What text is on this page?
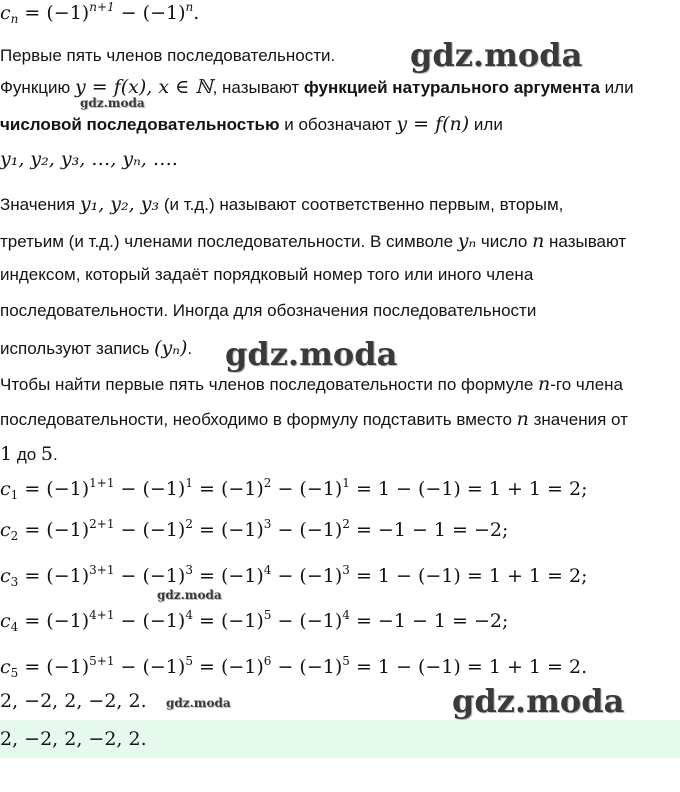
$c_n = (-1)^{n+1} - (-1)^n$.
Первые пять членов последовательности.
Функцию y = f(x), x ∈ ℕ, называют функцией натурального аргумента или
числовой последовательностью и обозначают y = f(n) или
y₁, y₂, y₃, …, yₙ, ….
Значения y₁, y₂, y₃ (и т.д.) называют соответственно первым, вторым,
третьим (и т.д.) членами последовательности. В символе yₙ число n называют
индексом, который задаёт порядковый номер того или иного члена
последовательности. Иногда для обозначения последовательности
используют запись (yₙ).
Чтобы найти первые пять членов последовательности по формуле n-го члена
последовательности, необходимо в формулу подставить вместо n значения от
1 до 5.
$c_1 = (-1)^{1+1} - (-1)^1 = (-1)^2 - (-1)^1 = 1 - (-1) = 1 + 1 = 2$;
$c_2 = (-1)^{2+1} - (-1)^2 = (-1)^3 - (-1)^2 = -1 - 1 = -2$;
$c_3 = (-1)^{3+1} - (-1)^3 = (-1)^4 - (-1)^3 = 1 - (-1) = 1 + 1 = 2$;
$c_4 = (-1)^{4+1} - (-1)^4 = (-1)^5 - (-1)^4 = -1 - 1 = -2$;
$c_5 = (-1)^{5+1} - (-1)^5 = (-1)^6 - (-1)^5 = 1 - (-1) = 1 + 1 = 2$.
2, −2, 2, −2, 2.
2, −2, 2, −2, 2.
gdz.moda
gdz.moda
gdz.moda
gdz.moda
gdz.moda	gdz.moda
